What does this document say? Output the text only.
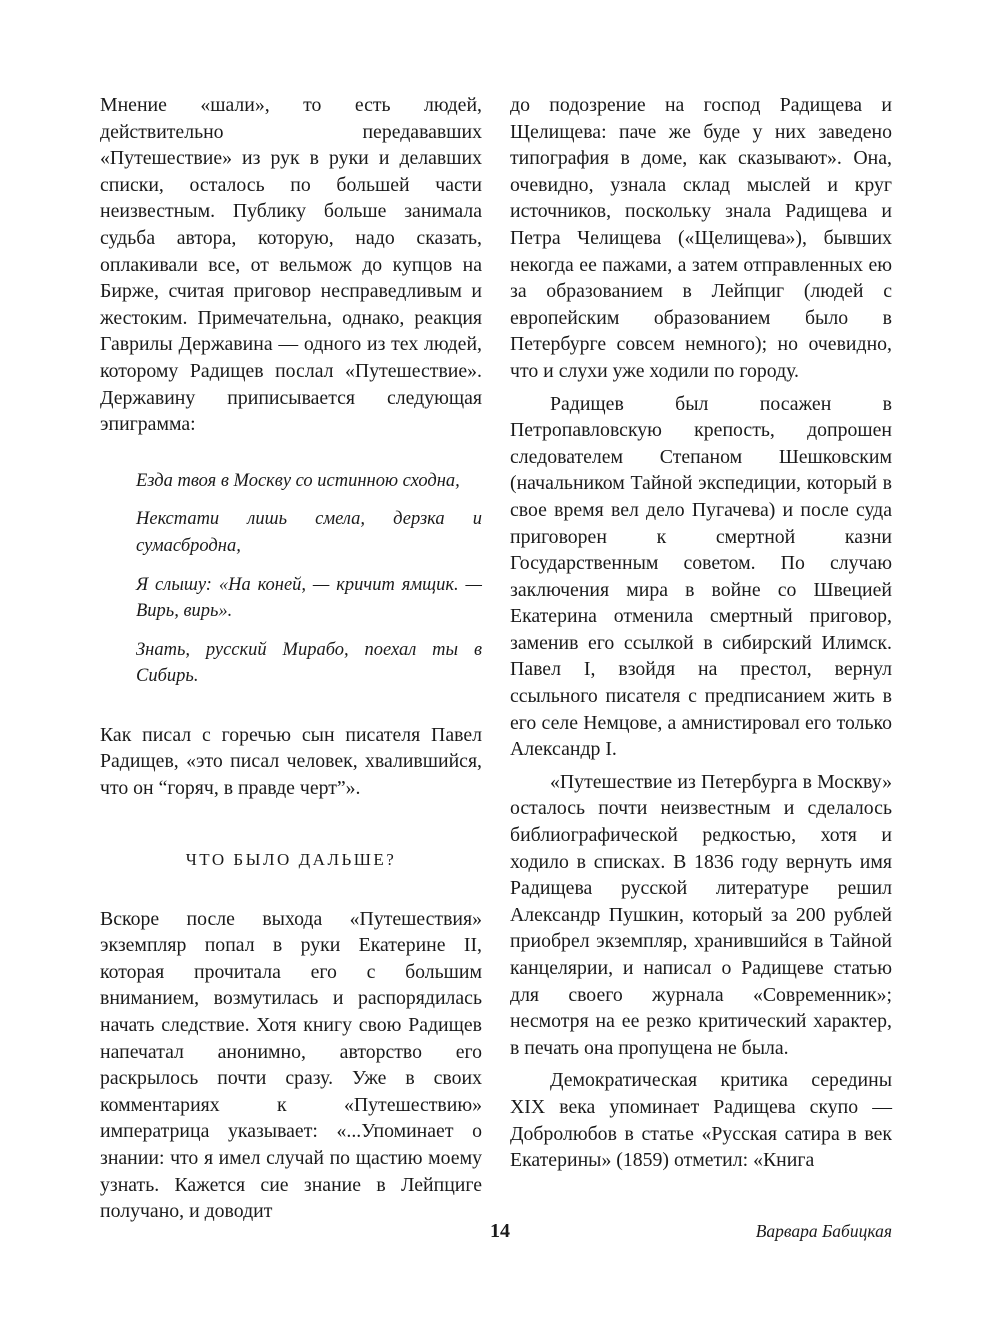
Мнение «шали», то есть людей, действительно передававших «Путешествие» из рук в руки и делавших списки, осталось по большей части неизвестным. Публику больше занимала судьба автора, которую, надо сказать, оплакивали все, от вельмож до купцов на Бирже, считая приговор несправедливым и жестоким. Примечательна, однако, реакция Гаврилы Державина — одного из тех людей, которому Радищев послал «Путешествие». Державину приписывается следующая эпиграмма:

Езда твоя в Москву со истинною сходна,

Некстати лишь смела, дерзка и сумасбродна,

Я слышу: «На коней, — кричит ямщик. — Вирь, вирь».

Знать, русский Мирабо, поехал ты в Сибирь.

Как писал с горечью сын писателя Павел Радищев, «это писал человек, хвалившийся, что он “горяч, в правде черт”».

ЧТО БЫЛО ДАЛЬШЕ?

Вскоре после выхода «Путешествия» экземпляр попал в руки Екатерине II, которая прочитала его с большим вниманием, возмутилась и распорядилась начать следствие. Хотя книгу свою Радищев напечатал анонимно, авторство его раскрылось почти сразу. Уже в своих комментариях к «Путешествию» императрица указывает: «...Упоминает о знании: что я имел случай по щастию моему узнать. Кажется сие знание в Лейпциге получано, и доводит

до подозрение на господ Радищева и Щелищева: паче же буде у них заведено типография в доме, как сказывают». Она, очевидно, узнала склад мыслей и круг источников, поскольку знала Радищева и Петра Челищева («Щелищева»), бывших некогда ее пажами, а затем отправленных ею за образованием в Лейпциг (людей с европейским образованием было в Петербурге совсем немного); но очевидно, что и слухи уже ходили по городу.

Радищев был посажен в Петропавловскую крепость, допрошен следователем Степаном Шешковским (начальником Тайной экспедиции, который в свое время вел дело Пугачева) и после суда приговорен к смертной казни Государственным советом. По случаю заключения мира в войне со Швецией Екатерина отменила смертный приговор, заменив его ссылкой в сибирский Илимск. Павел I, взойдя на престол, вернул ссыльного писателя с предписанием жить в его селе Немцове, а амнистировал его только Александр I.

«Путешествие из Петербурга в Москву» осталось почти неизвестным и сделалось библиографической редкостью, хотя и ходило в списках. В 1836 году вернуть имя Радищева русской литературе решил Александр Пушкин, который за 200 рублей приобрел экземпляр, хранившийся в Тайной канцелярии, и написал о Радищеве статью для своего журнала «Современник»; несмотря на ее резко критический характер, в печать она пропущена не была.

Демократическая критика середины XIX века упоминает Радищева скупо — Добролюбов в статье «Русская сатира в век Екатерины» (1859) отметил: «Книга

14	Варвара Бабицкая
